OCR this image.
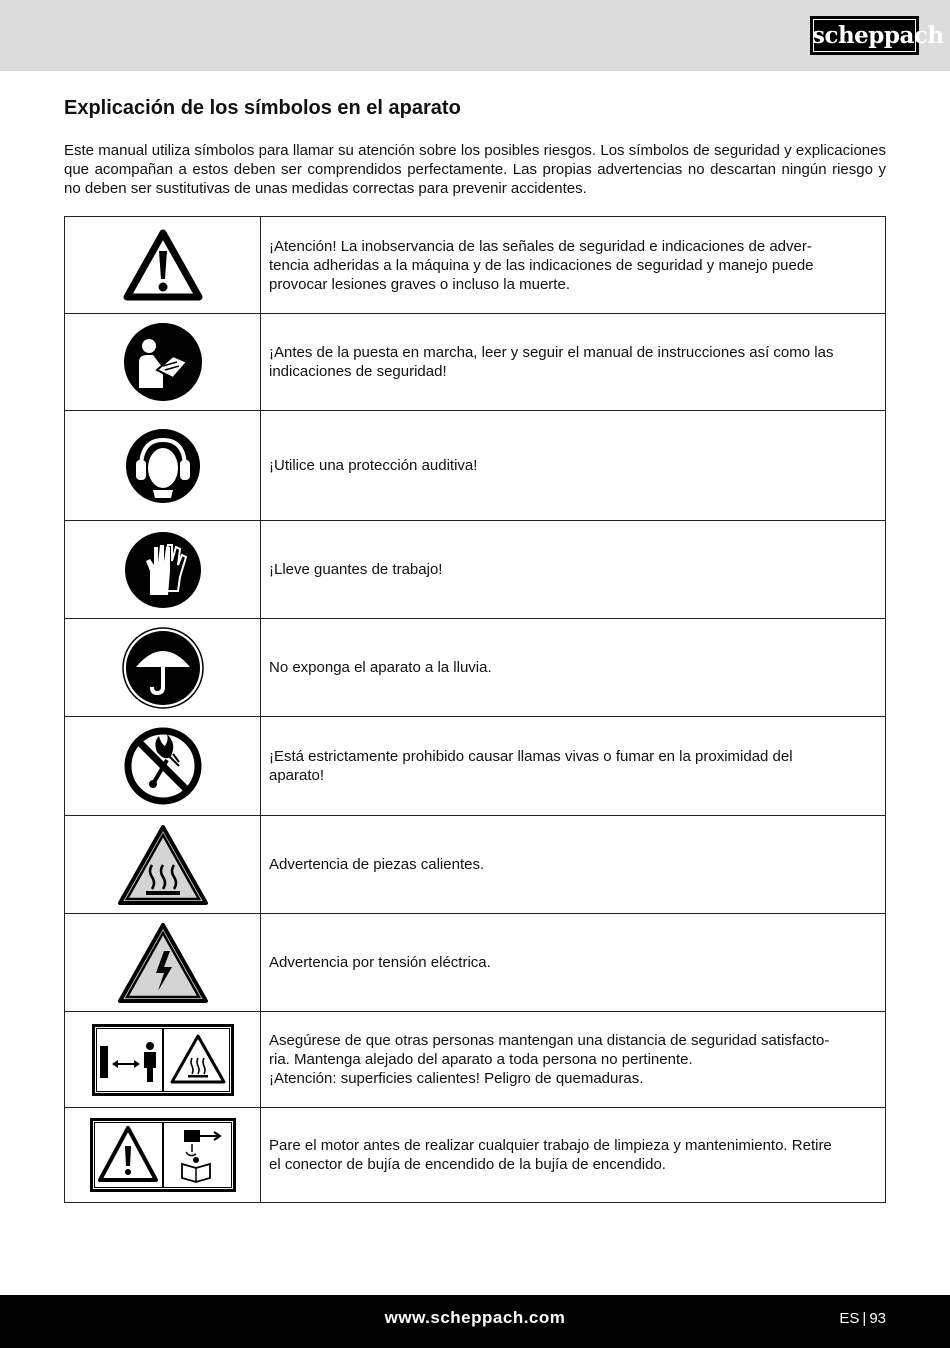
scheppach
Explicación de los símbolos en el aparato

Este manual utiliza símbolos para llamar su atención sobre los posibles riesgos. Los símbolos de seguridad y explicaciones que acompañan a estos deben ser comprendidos perfectamente. Las propias advertencias no descartan ningún riesgo y no deben ser sustitutivas de unas medidas correctas para prevenir accidentes.

¡Atención! La inobservancia de las señales de seguridad e indicaciones de adver-
tencia adheridas a la máquina y de las indicaciones de seguridad y manejo puede
provocar lesiones graves o incluso la muerte.

¡Antes de la puesta en marcha, leer y seguir el manual de instrucciones así como las
indicaciones de seguridad!

¡Utilice una protección auditiva!

¡Lleve guantes de trabajo!

No exponga el aparato a la lluvia.

¡Está estrictamente prohibido causar llamas vivas o fumar en la proximidad del
aparato!

Advertencia de piezas calientes.

Advertencia por tensión eléctrica.

Asegúrese de que otras personas mantengan una distancia de seguridad satisfacto-
ria. Mantenga alejado del aparato a toda persona no pertinente.
¡Atención: superficies calientes! Peligro de quemaduras.

Pare el motor antes de realizar cualquier trabajo de limpieza y mantenimiento. Retire
el conector de bujía de encendido de la bujía de encendido.
www.scheppach.com	ES | 93
